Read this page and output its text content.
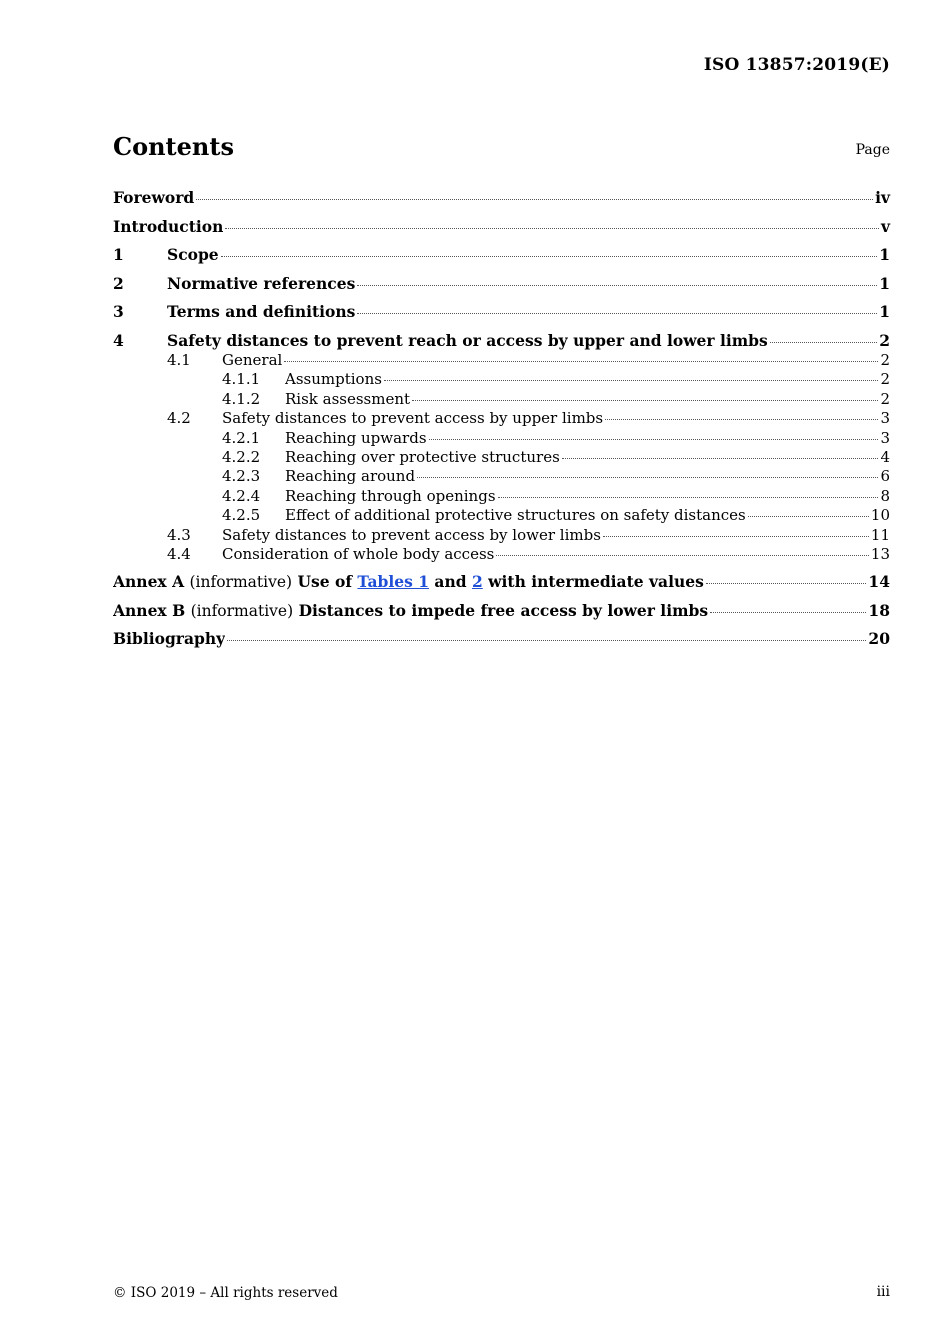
ISO 13857:2019(E)
Contents	Page
Foreword	iv
Introduction	v
1	Scope	1
2	Normative references	1
3	Terms and definitions	1
4	Safety distances to prevent reach or access by upper and lower limbs	2
4.1	General	2
4.1.1	Assumptions	2
4.1.2	Risk assessment	2
4.2	Safety distances to prevent access by upper limbs	3
4.2.1	Reaching upwards	3
4.2.2	Reaching over protective structures	4
4.2.3	Reaching around	6
4.2.4	Reaching through openings	8
4.2.5	Effect of additional protective structures on safety distances	10
4.3	Safety distances to prevent access by lower limbs	11
4.4	Consideration of whole body access	13
Annex A (informative) Use of Tables 1 and 2 with intermediate values	14
Annex B (informative) Distances to impede free access by lower limbs	18
Bibliography	20
© ISO 2019 – All rights reserved	iii
